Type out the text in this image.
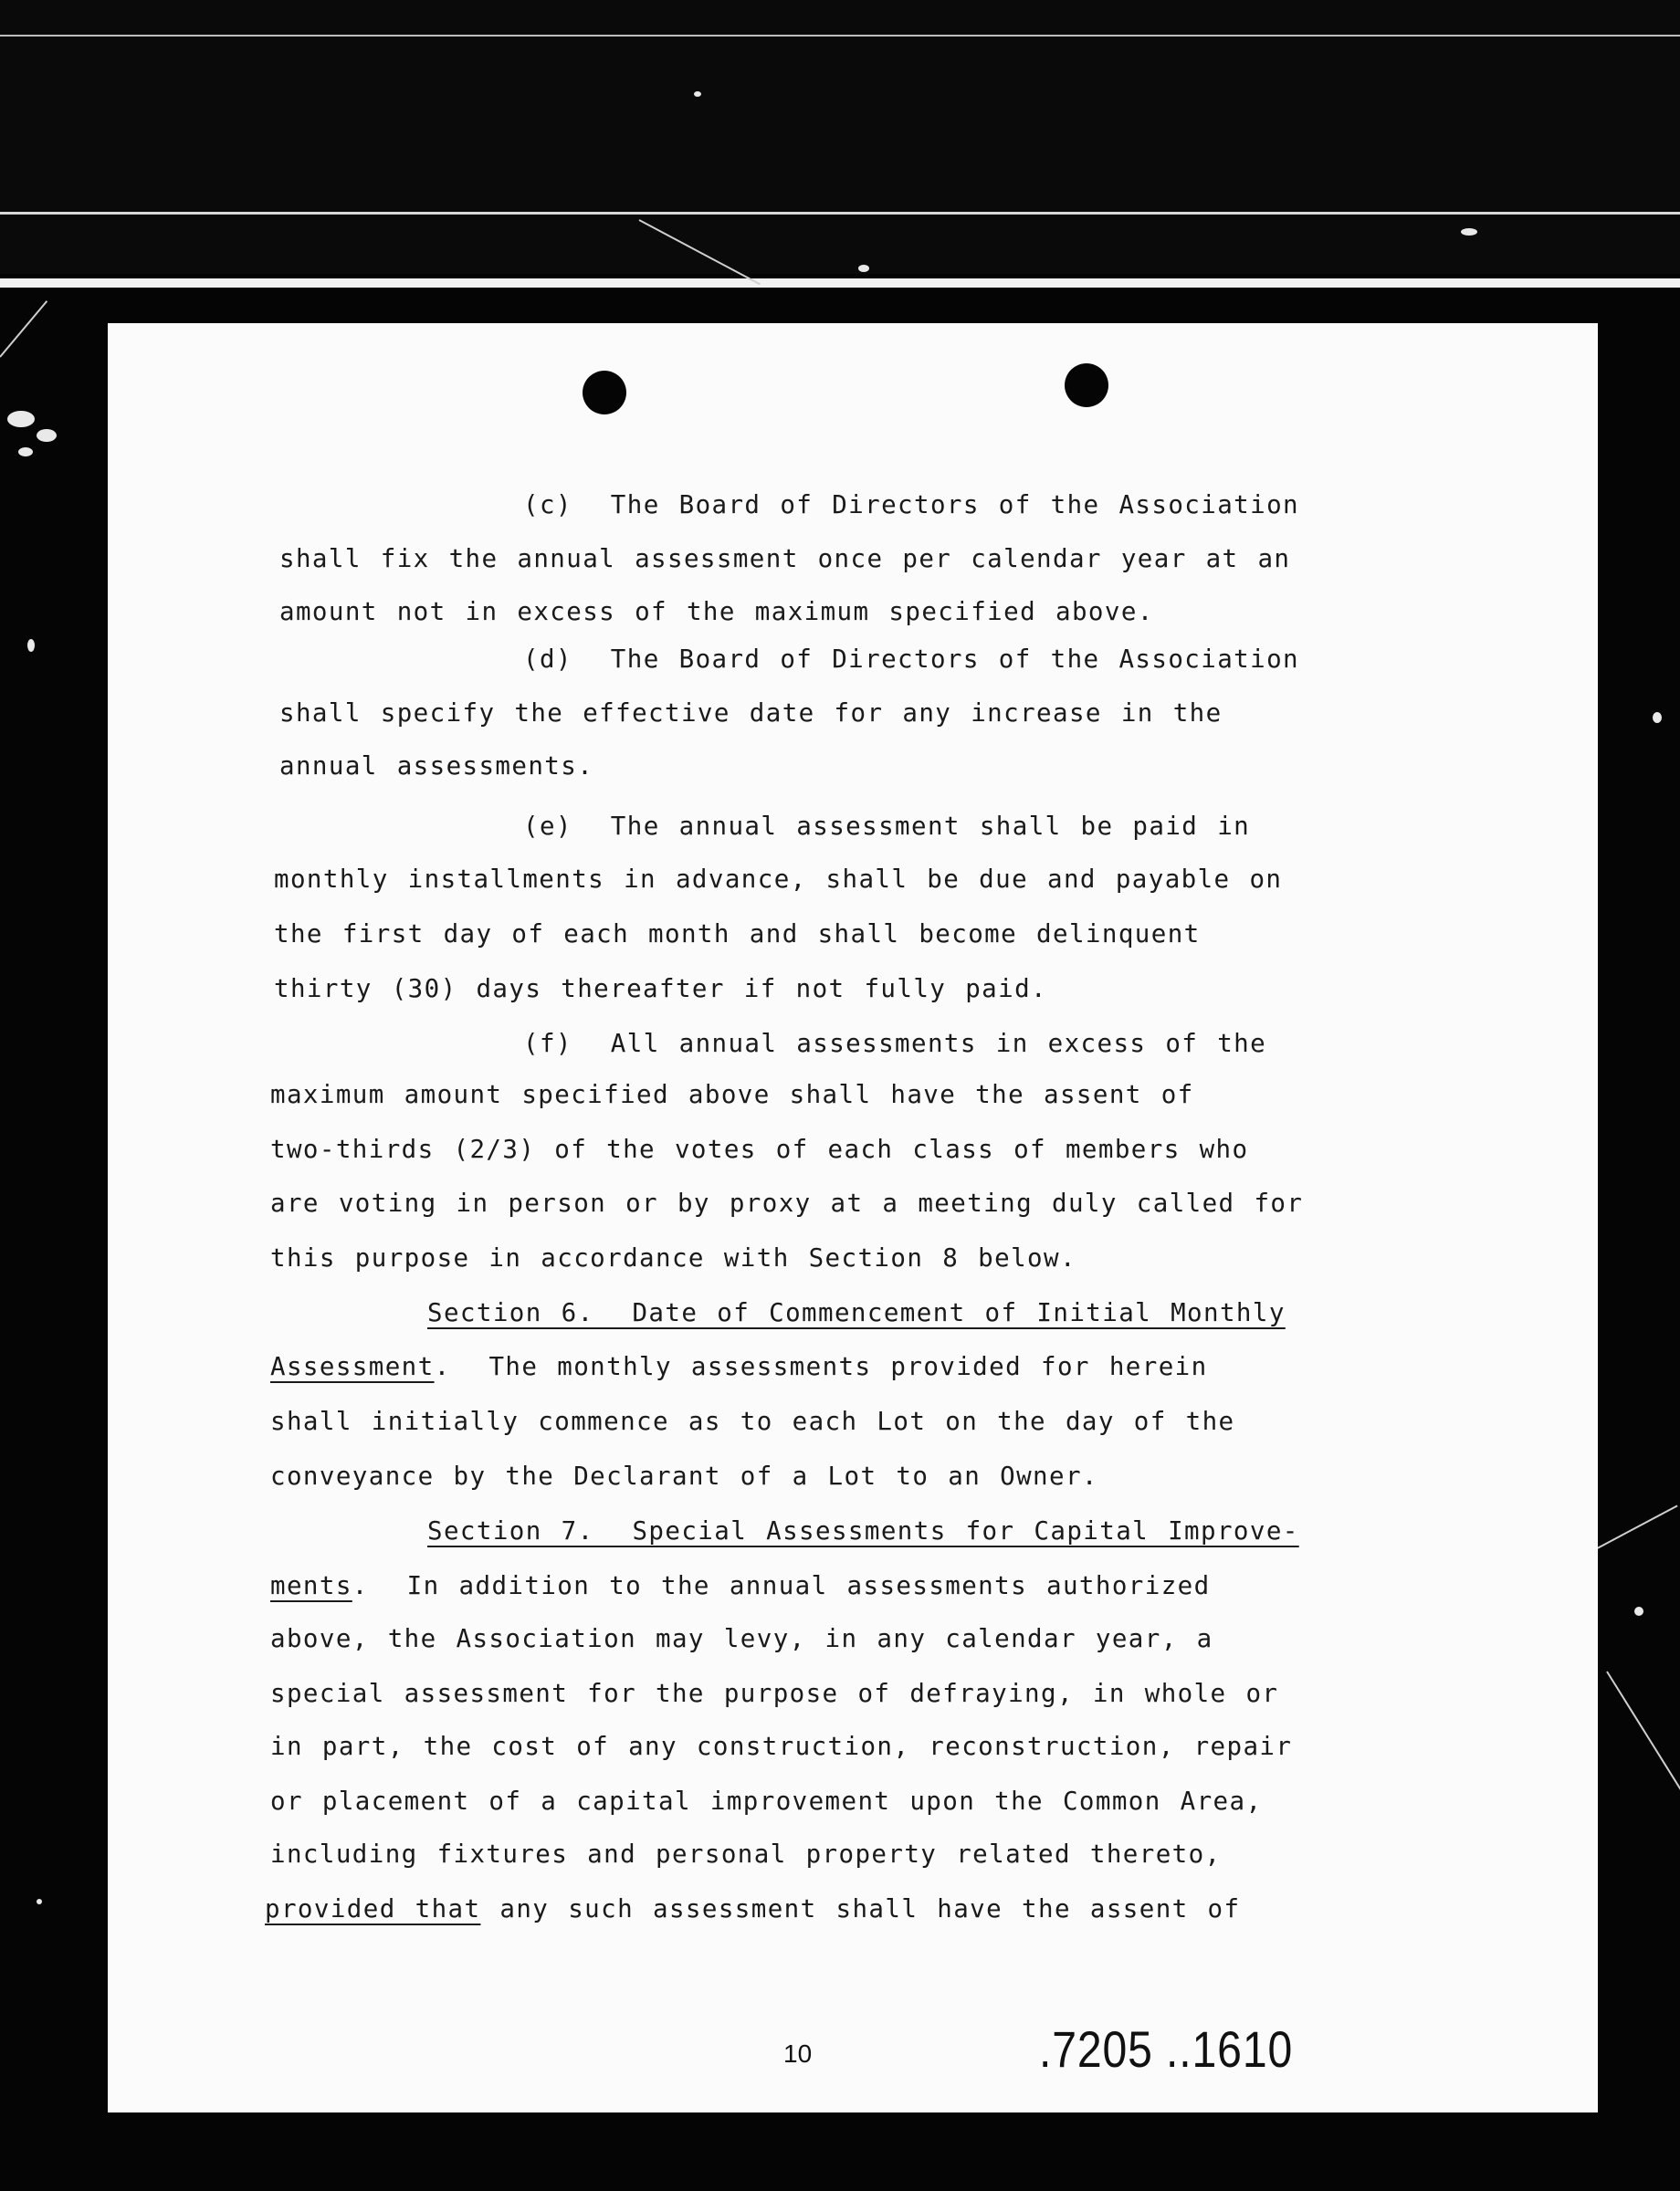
(c)  The Board of Directors of the Association
shall fix the annual assessment once per calendar year at an
amount not in excess of the maximum specified above.
(d)  The Board of Directors of the Association
shall specify the effective date for any increase in the
annual assessments.
(e)  The annual assessment shall be paid in
monthly installments in advance, shall be due and payable on
the first day of each month and shall become delinquent
thirty (30) days thereafter if not fully paid.
(f)  All annual assessments in excess of the
maximum amount specified above shall have the assent of
two-thirds (2/3) of the votes of each class of members who
are voting in person or by proxy at a meeting duly called for
this purpose in accordance with Section 8 below.
Section 6.  Date of Commencement of Initial Monthly
Assessment.  The monthly assessments provided for herein
shall initially commence as to each Lot on the day of the
conveyance by the Declarant of a Lot to an Owner.
Section 7.  Special Assessments for Capital Improve-
ments.  In addition to the annual assessments authorized
above, the Association may levy, in any calendar year, a
special assessment for the purpose of defraying, in whole or
in part, the cost of any construction, reconstruction, repair
or placement of a capital improvement upon the Common Area,
including fixtures and personal property related thereto,
provided that any such assessment shall have the assent of
10	.7205 ..1610
